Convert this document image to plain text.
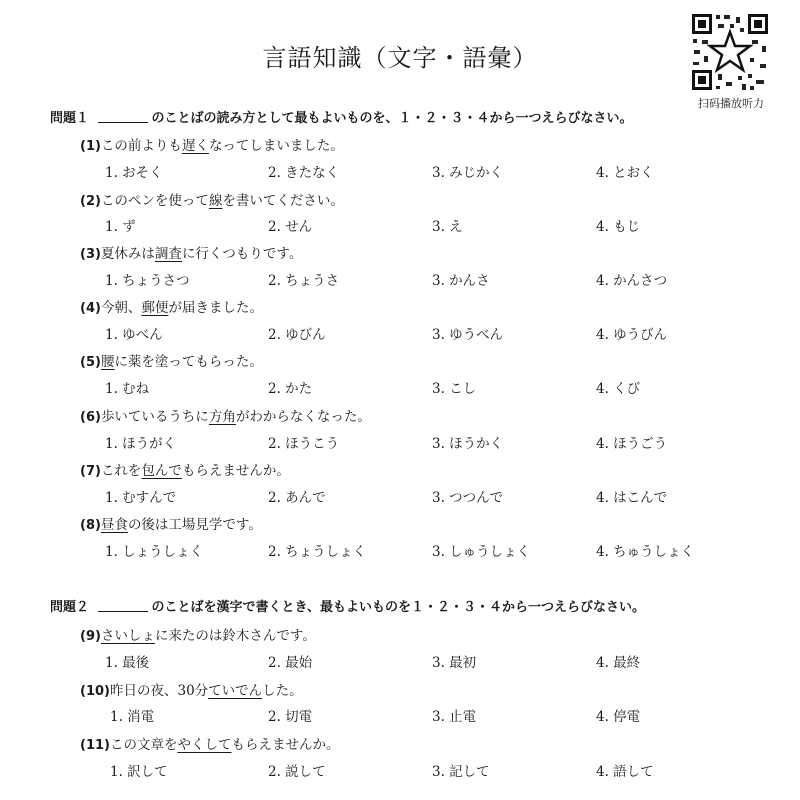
言語知識（文字・語彙）
扫码播放听力
問題１	のことばの読み方として最もよいものを、１・２・３・４から一つえらびなさい。
(1)この前よりも遅くなってしまいました。
1. おそく	2. きたなく	3. みじかく	4. とおく
(2)このペンを使って線を書いてください。
1. ず	2. せん	3. え	4. もじ
(3)夏休みは調査に行くつもりです。
1. ちょうさつ	2. ちょうさ	3. かんさ	4. かんさつ
(4)今朝、郵便が届きました。
1. ゆべん	2. ゆびん	3. ゆうべん	4. ゆうびん
(5)腰に薬を塗ってもらった。
1. むね	2. かた	3. こし	4. くび
(6)歩いているうちに方角がわからなくなった。
1. ほうがく	2. ほうこう	3. ほうかく	4. ほうごう
(7)これを包んでもらえませんか。
1. むすんで	2. あんで	3. つつんで	4. はこんで
(8)昼食の後は工場見学です。
1. しょうしょく	2. ちょうしょく	3. しゅうしょく	4. ちゅうしょく
問題２	のことばを漢字で書くとき、最もよいものを１・２・３・４から一つえらびなさい。
(9)さいしょに来たのは鈴木さんです。
1. 最後	2. 最始	3. 最初	4. 最終
(10)昨日の夜、30分ていでんした。
1. 消電	2. 切電	3. 止電	4. 停電
(11)この文章をやくしてもらえませんか。
1. 訳して	2. 説して	3. 記して	4. 語して
